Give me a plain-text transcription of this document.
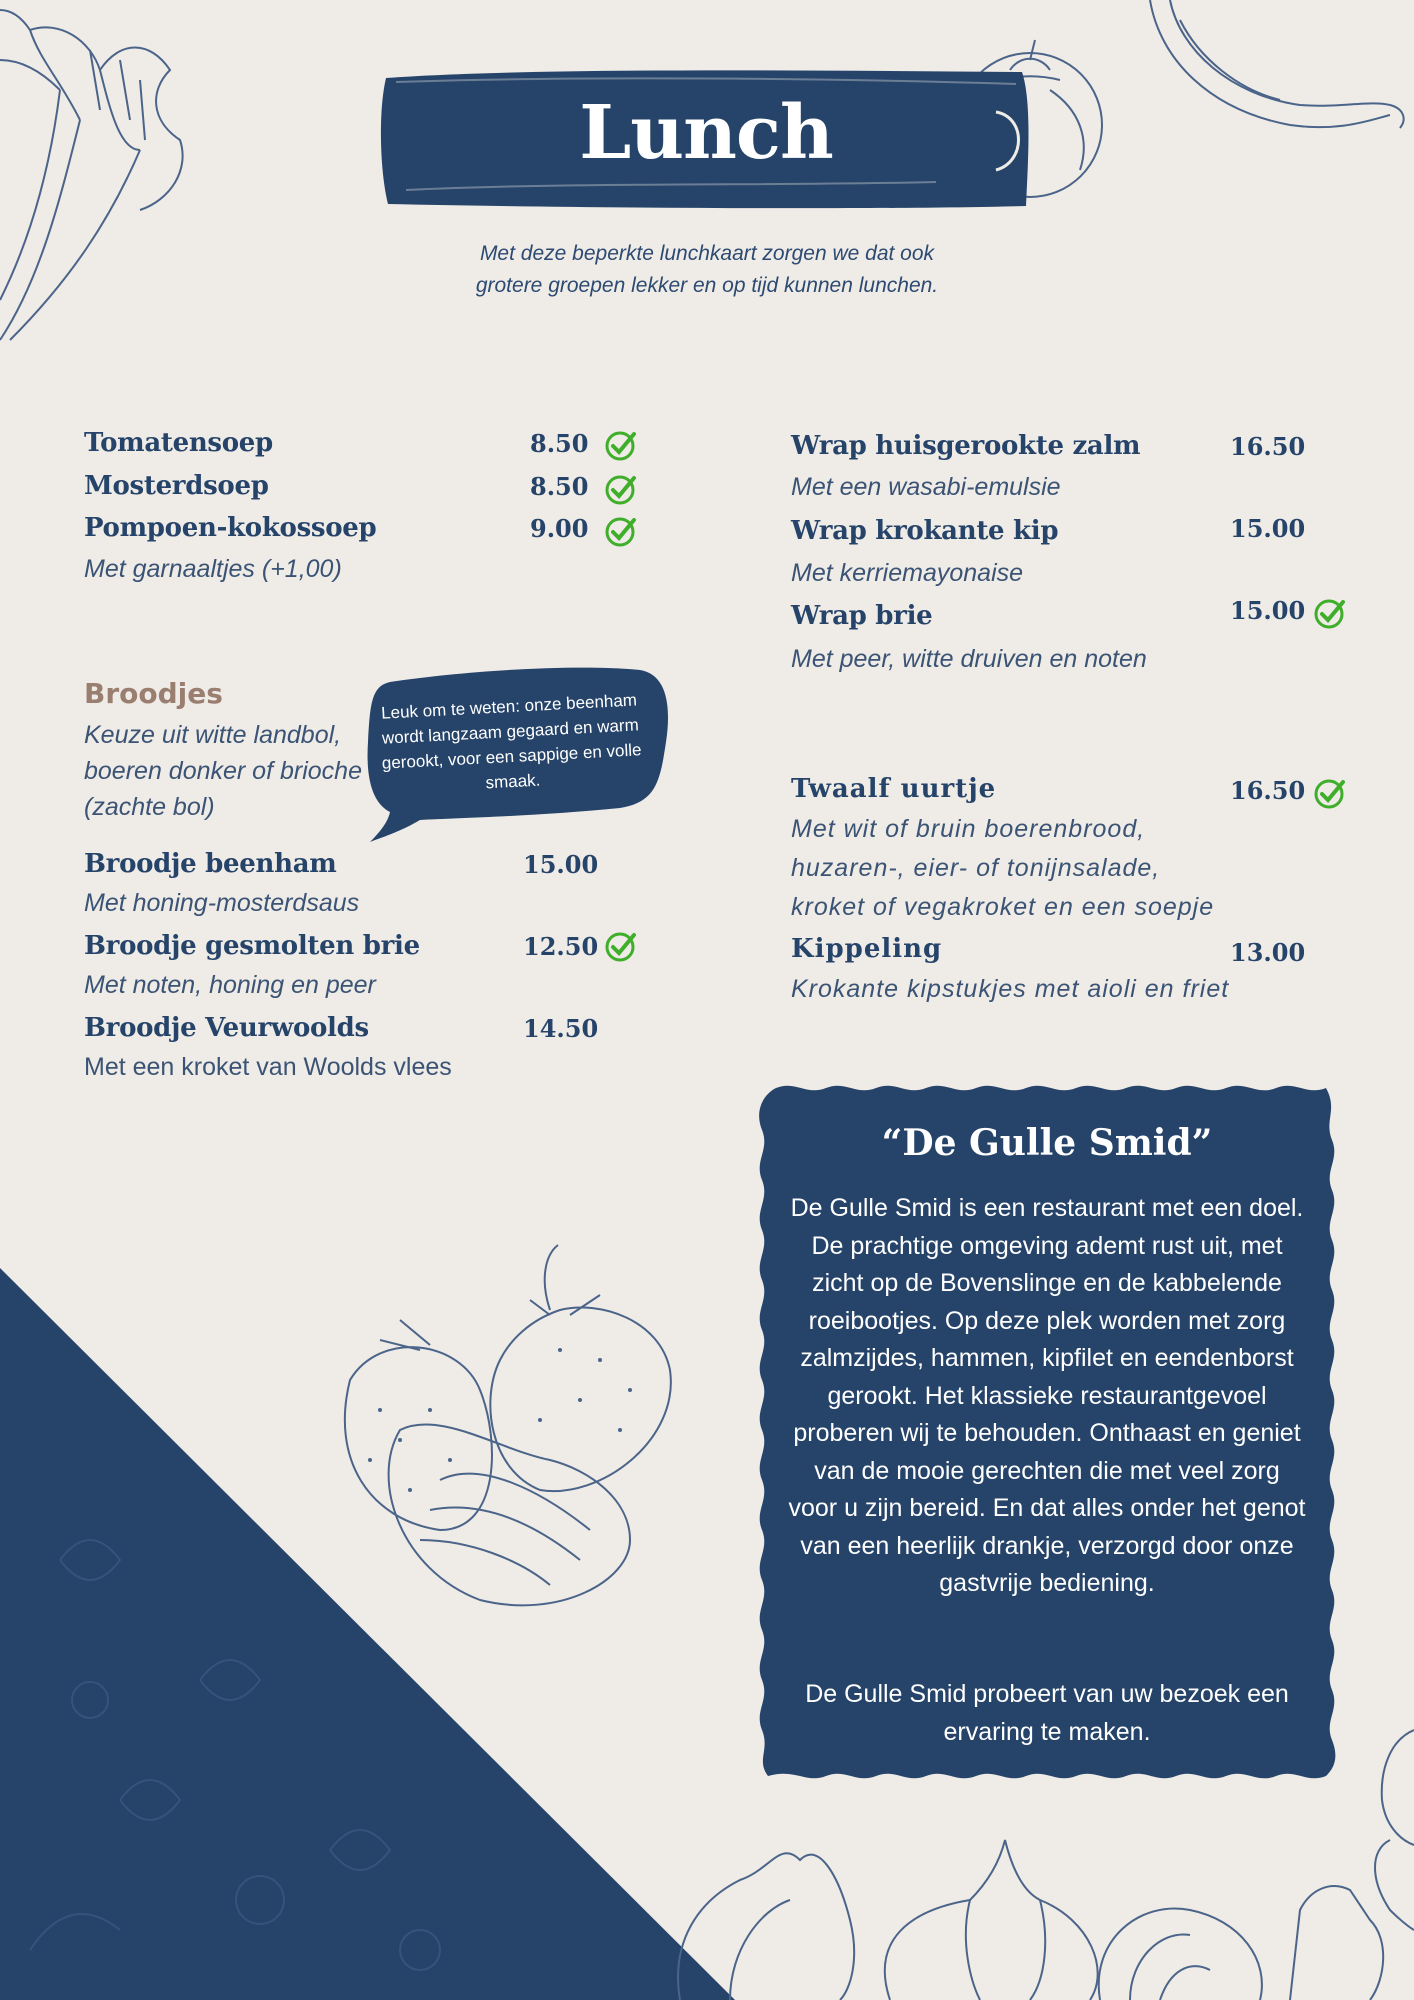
Lunch
Met deze beperkte lunchkaart zorgen we dat ook grotere groepen lekker en op tijd kunnen lunchen.
Tomatensoep	8.50
Mosterdsoep	8.50
Pompoen-kokossoep	9.00
Met garnaaltjes (+1,00)
Broodjes
Keuze uit witte landbol, boeren donker of brioche (zachte bol)
Leuk om te weten: onze beenham wordt langzaam gegaard en warm gerookt, voor een sappige en volle smaak.
Broodje beenham	15.00
Met honing-mosterdsaus
Broodje gesmolten brie	12.50
Met noten, honing en peer
Broodje Veurwoolds	14.50
Met een kroket van Woolds vlees
Wrap huisgerookte zalm	16.50
Met een wasabi-emulsie
Wrap krokante kip	15.00
Met kerriemayonaise
Wrap brie	15.00
Met peer, witte druiven en noten
Twaalf uurtje	16.50
Met wit of bruin boerenbrood,
huzaren-, eier- of tonijnsalade,
kroket of vegakroket en een soepje
Kippeling	13.00
Krokante kipstukjes met aioli en friet
“De Gulle Smid”
De Gulle Smid is een restaurant met een doel. De prachtige omgeving ademt rust uit, met zicht op de Bovenslinge en de kabbelende roeibootjes. Op deze plek worden met zorg zalmzijdes, hammen, kipfilet en eendenborst gerookt. Het klassieke restaurantgevoel proberen wij te behouden. Onthaast en geniet van de mooie gerechten die met veel zorg voor u zijn bereid. En dat alles onder het genot van een heerlijk drankje, verzorgd door onze gastvrije bediening.
De Gulle Smid probeert van uw bezoek een ervaring te maken.
